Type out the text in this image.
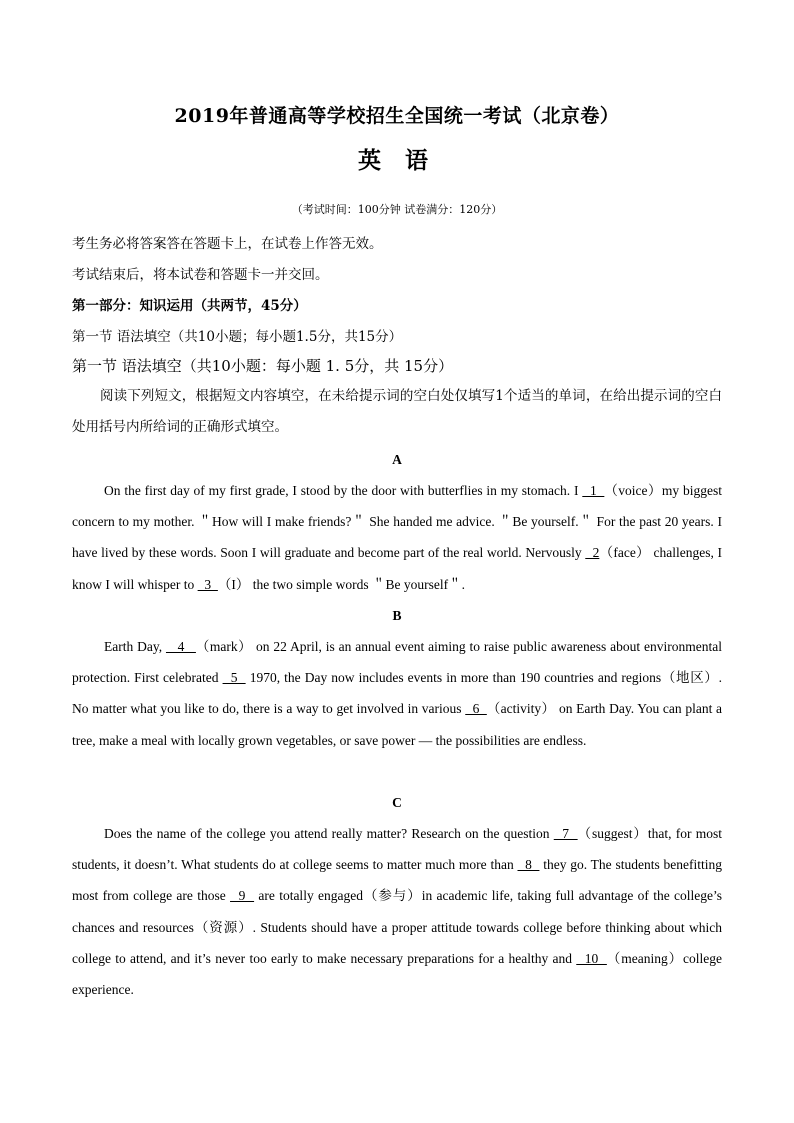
2019年普通高等学校招生全国统一考试（北京卷）
英 语
（考试时间：100分钟 试卷满分：120分）
考生务必将答案答在答题卡上，在试卷上作答无效。
考试结束后，将本试卷和答题卡一并交回。
第一部分：知识运用（共两节，45分）
第一节 语法填空（共10小题；每小题1.5分，共15分）
第一节 语法填空（共10小题：每小题 1. 5分，共 15分）
阅读下列短文，根据短文内容填空，在未给提示词的空白处仅填写1个适当的单词，在给出提示词的空白处用括号内所给词的正确形式填空。
A
On the first day of my first grade, I stood by the door with butterflies in my stomach. I   1  （voice）my biggest concern to my mother. ＂How will I make friends?＂ She handed me advice. ＂Be yourself.＂ For the past 20 years. I have lived by these words. Soon I will graduate and become part of the real world. Nervously   2（face） challenges, I know I will whisper to   3  （I） the two simple words ＂Be yourself＂.
B
Earth Day,    4   （mark） on 22 April, is an annual event aiming to raise public awareness about environmental protection. First celebrated   5   1970, the Day now includes events in more than 190 countries and regions（地区）. No matter what you like to do, there is a way to get involved in various   6  （activity） on Earth Day. You can plant a tree, make a meal with locally grown vegetables, or save power — the possibilities are endless.
C
Does the name of the college you attend really matter? Research on the question   7  （suggest）that, for most students, it doesn’t. What students do at college seems to matter much more than   8   they go. The students benefitting most from college are those   9   are totally engaged（参与）in academic life, taking full advantage of the college’s chances and resources（资源）. Students should have a proper attitude towards college before thinking about which college to attend, and it’s never too early to make necessary preparations for a healthy and   10  （meaning）college experience.
